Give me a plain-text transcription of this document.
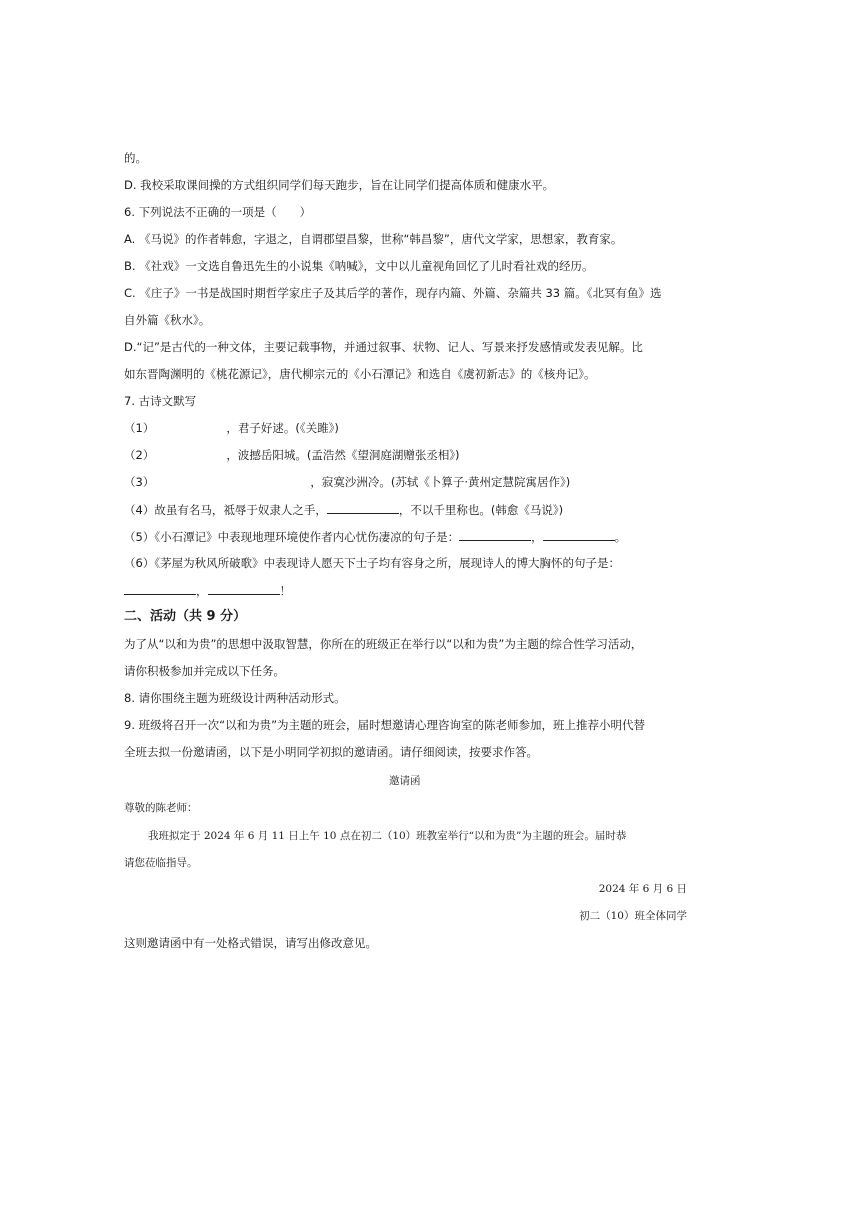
的。
D. 我校采取课间操的方式组织同学们每天跑步，旨在让同学们提高体质和健康水平。
6. 下列说法不正确的一项是（　　）
A. 《马说》的作者韩愈，字退之，自谓郡望昌黎，世称“韩昌黎”，唐代文学家，思想家，教育家。
B. 《社戏》一文选自鲁迅先生的小说集《呐喊》，文中以儿童视角回忆了儿时看社戏的经历。
C. 《庄子》一书是战国时期哲学家庄子及其后学的著作，现存内篇、外篇、杂篇共 33 篇。《北冥有鱼》选
自外篇《秋水》。
D.“记”是古代的一种文体，主要记载事物，并通过叙事、状物、记人、写景来抒发感情或发表见解。比
如东晋陶渊明的《桃花源记》，唐代柳宗元的《小石潭记》和选自《虞初新志》的《核舟记》。
7. 古诗文默写
（1）	，君子好逑。(《关雎》)
（2）	，波撼岳阳城。(孟浩然《望洞庭湖赠张丞相》)
（3）	，寂寞沙洲冷。(苏轼《卜算子·黄州定慧院寓居作》)
（4）故虽有名马，祗辱于奴隶人之手，	，不以千里称也。(韩愈《马说》)
（5）《小石潭记》中表现地理环境使作者内心忧伤凄凉的句子是：	，	。
（6）《茅屋为秋风所破歌》中表现诗人愿天下士子均有容身之所，展现诗人的博大胸怀的句子是：
，	！
二、活动（共 9 分）
为了从“以和为贵”的思想中汲取智慧，你所在的班级正在举行以“以和为贵”为主题的综合性学习活动，
请你积极参加并完成以下任务。
8. 请你围绕主题为班级设计两种活动形式。
9. 班级将召开一次“以和为贵”为主题的班会，届时想邀请心理咨询室的陈老师参加，班上推荐小明代替
全班去拟一份邀请函，以下是小明同学初拟的邀请函。请仔细阅读，按要求作答。
邀请函
尊敬的陈老师：
我班拟定于 2024 年 6 月 11 日上午 10 点在初二（10）班教室举行“以和为贵”为主题的班会。届时恭
请您莅临指导。
2024 年 6 月 6 日
初二（10）班全体同学
这则邀请函中有一处格式错误，请写出修改意见。
